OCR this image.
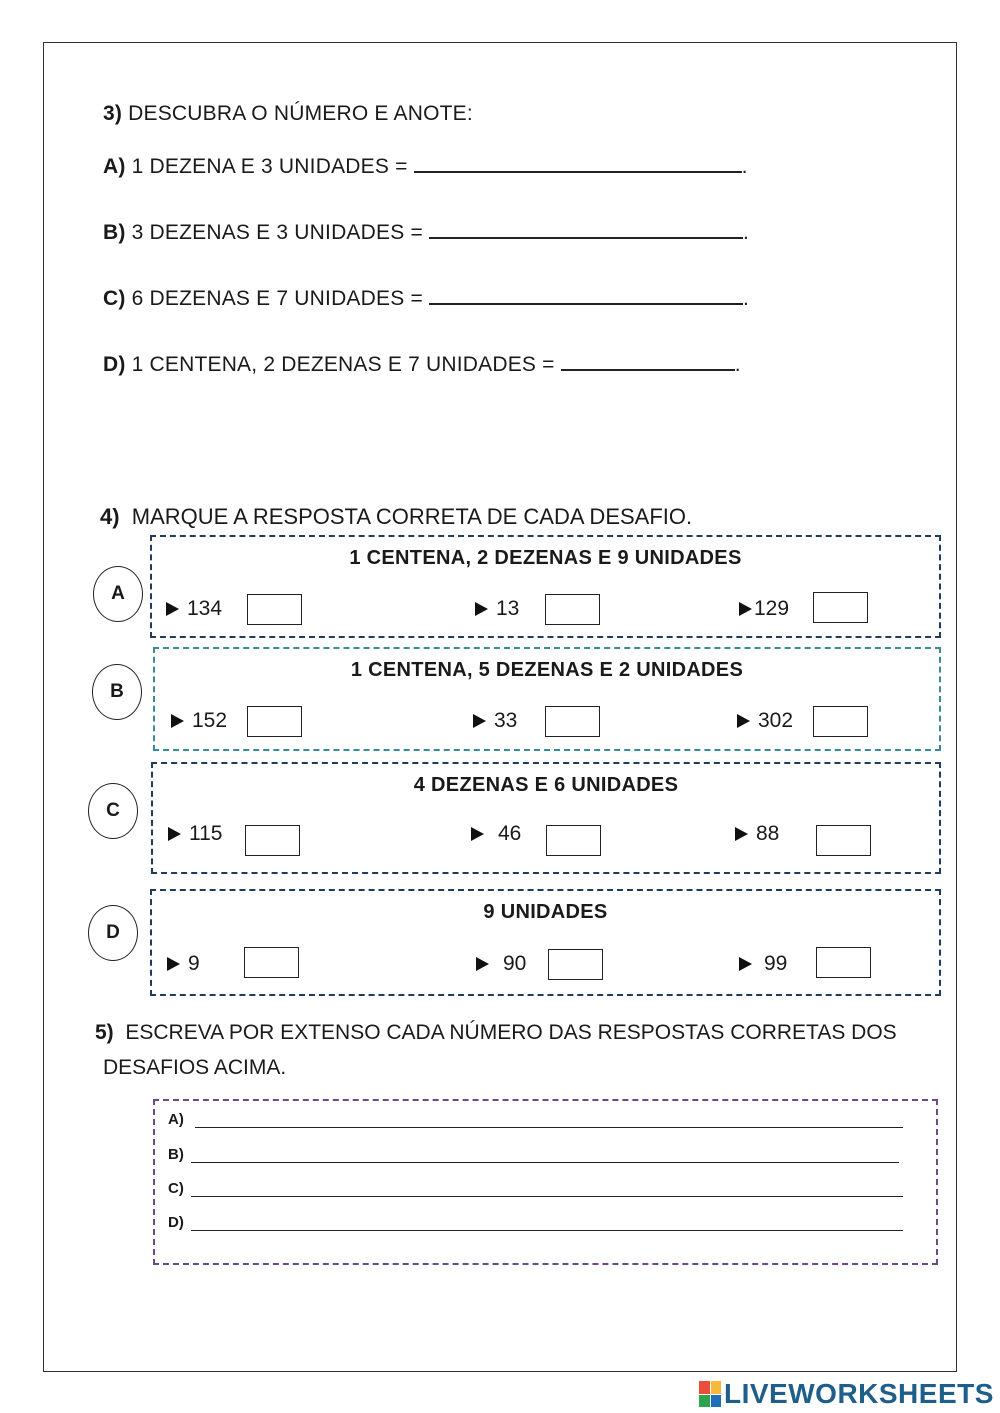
3) DESCUBRA O NÚMERO E ANOTE:
A) 1 DEZENA E 3 UNIDADES =	.
B) 3 DEZENAS E 3 UNIDADES =	.
C) 6 DEZENAS E 7 UNIDADES =	.
D) 1 CENTENA, 2 DEZENAS E 7 UNIDADES =	.
4) MARQUE A RESPOSTA CORRETA DE CADA DESAFIO.
A
1 CENTENA, 2 DEZENAS E 9 UNIDADES
134	13	129
B
1 CENTENA, 5 DEZENAS E 2 UNIDADES
152	33	302
C
4 DEZENAS E 6 UNIDADES
115	46	88
D
9 UNIDADES
9	90	99
5) ESCREVA POR EXTENSO CADA NÚMERO DAS RESPOSTAS CORRETAS DOS
DESAFIOS ACIMA.
A)
B)
C)
D)
LIVEWORKSHEETS
